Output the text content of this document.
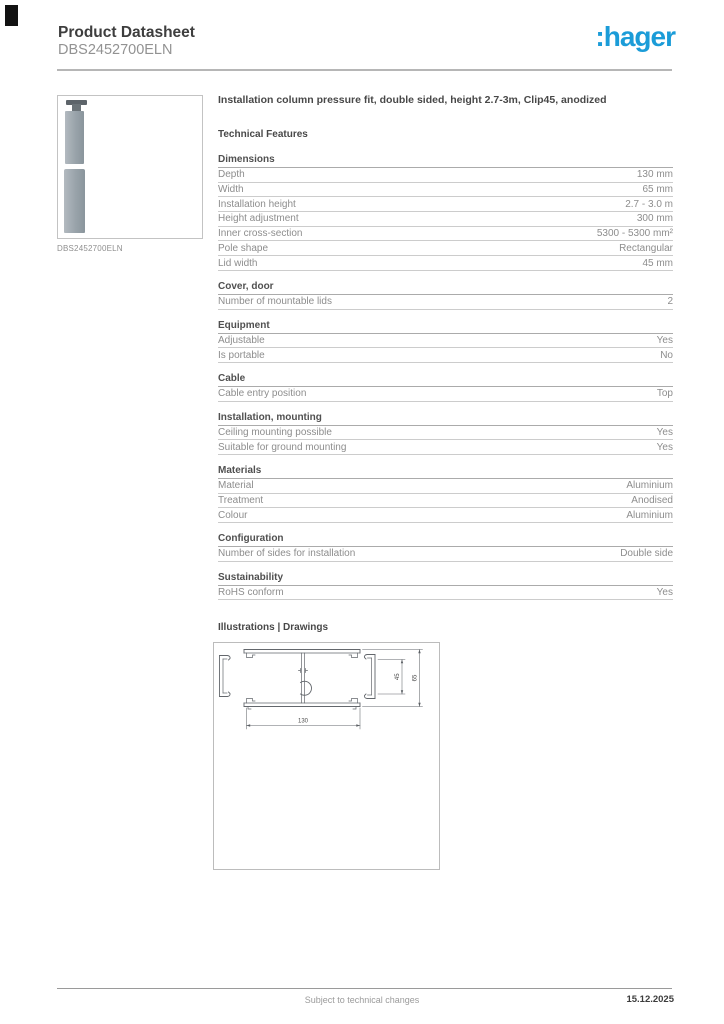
Product Datasheet
DBS2452700ELN	:hager
DBS2452700ELN
Installation column pressure fit, double sided, height 2.7-3m, Clip45, anodized
Technical Features
Dimensions
Depth	130 mm
Width	65 mm
Installation height	2.7 - 3.0 m
Height adjustment	300 mm
Inner cross-section	5300 - 5300 mm²
Pole shape	Rectangular
Lid width	45 mm
Cover, door
Number of mountable lids	2
Equipment
Adjustable	Yes
Is portable	No
Cable
Cable entry position	Top
Installation, mounting
Ceiling mounting possible	Yes
Suitable for ground mounting	Yes
Materials
Material	Aluminium
Treatment	Anodised
Colour	Aluminium
Configuration
Number of sides for installation	Double side
Sustainability
RoHS conform	Yes
Illustrations | Drawings
45 65
130
Subject to technical changes	15.12.2025
